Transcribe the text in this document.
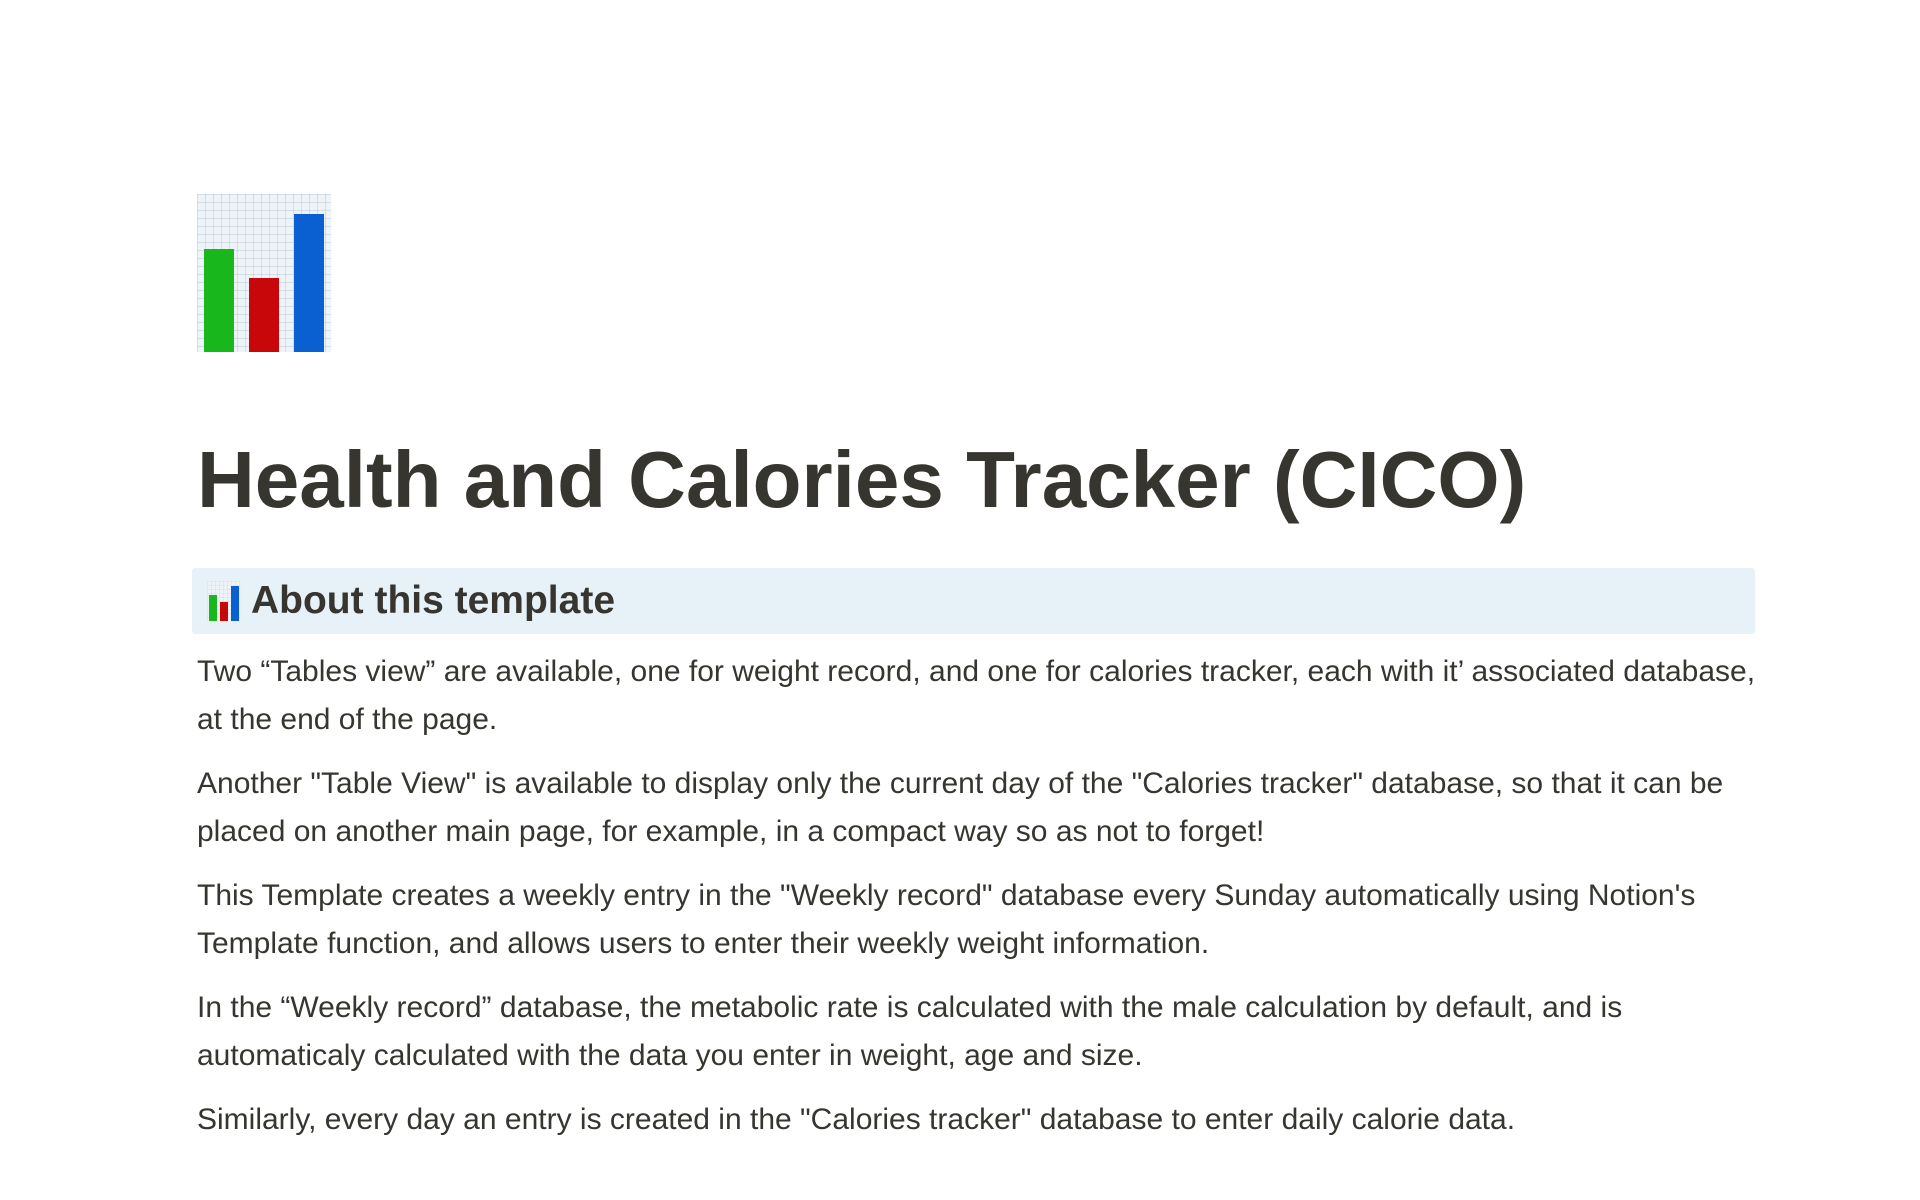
Health and Calories Tracker (CICO)
About this template

Two “Tables view” are available, one for weight record, and one for calories tracker, each with it’ associated database, at the end of the page.

Another "Table View" is available to display only the current day of the "Calories tracker" database, so that it can be placed on another main page, for example, in a compact way so as not to forget!

This Template creates a weekly entry in the "Weekly record" database every Sunday automatically using Notion's Template function, and allows users to enter their weekly weight information.

In the “Weekly record” database, the metabolic rate is calculated with the male calculation by default, and is automaticaly calculated with the data you enter in weight, age and size.

Similarly, every day an entry is created in the "Calories tracker" database to enter daily calorie data.
